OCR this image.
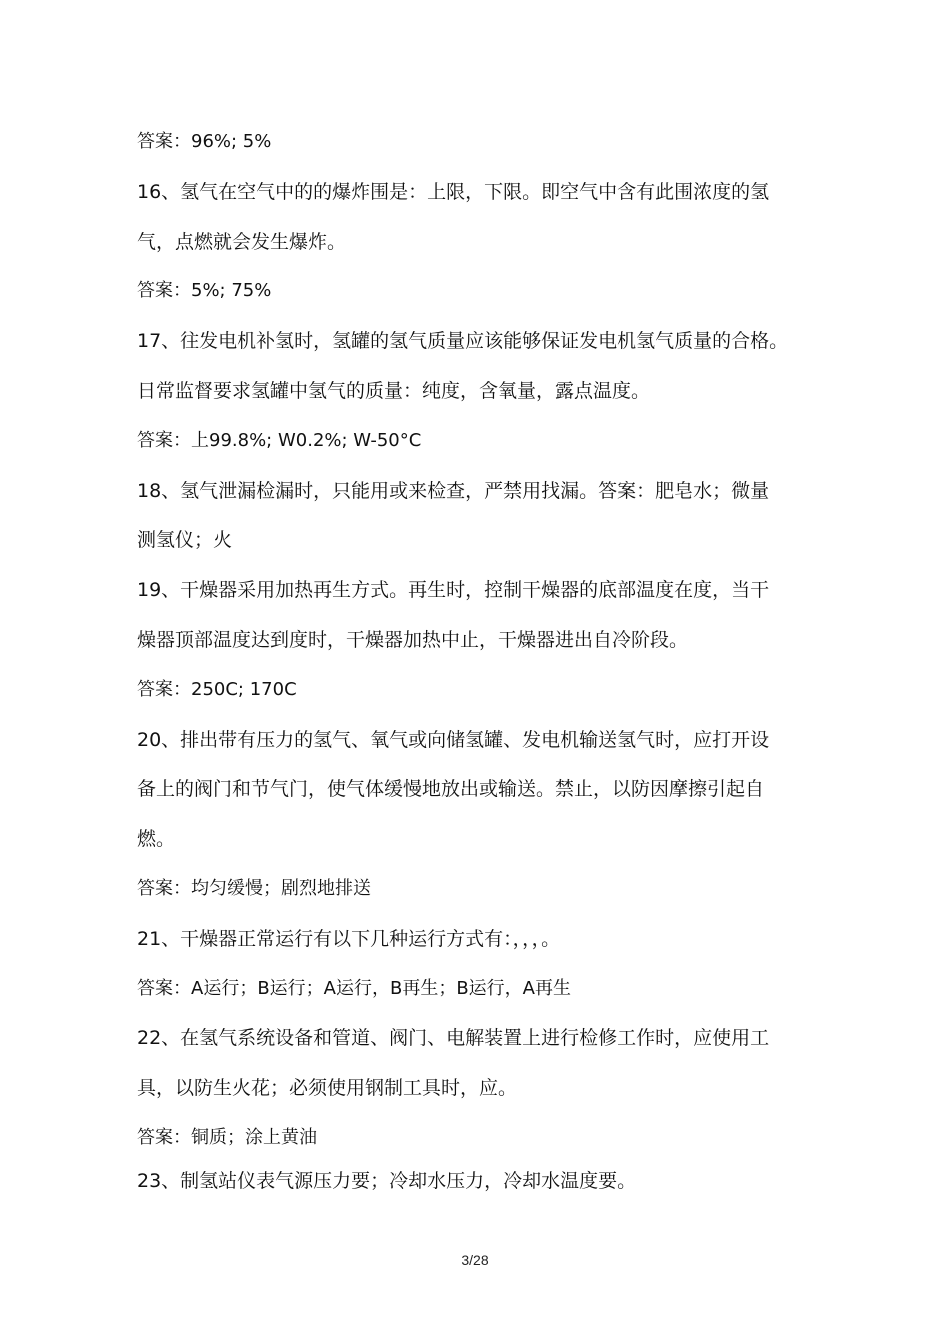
答案：96%; 5%
16、氢气在空气中的的爆炸围是：上限，下限。即空气中含有此围浓度的氢
气，点燃就会发生爆炸。
答案：5%; 75%
17、往发电机补氢时，氢罐的氢气质量应该能够保证发电机氢气质量的合格。
日常监督要求氢罐中氢气的质量：纯度，含氧量，露点温度。
答案：上99.8%; W0.2%; W-50°C
18、氢气泄漏检漏时，只能用或来检查，严禁用找漏。答案：肥皂水；微量
测氢仪；火
19、干燥器采用加热再生方式。再生时，控制干燥器的底部温度在度，当干
燥器顶部温度达到度时，干燥器加热中止，干燥器进出自冷阶段。
答案：250C; 170C
20、排出带有压力的氢气、氧气或向储氢罐、发电机输送氢气时，应打开设
备上的阀门和节气门，使气体缓慢地放出或输送。禁止，以防因摩擦引起自
燃。
答案：均匀缓慢；剧烈地排送
21、干燥器正常运行有以下几种运行方式有：，，，。
答案：A运行；B运行；A运行，B再生；B运行，A再生
22、在氢气系统设备和管道、阀门、电解装置上进行检修工作时，应使用工
具，以防生火花；必须使用钢制工具时，应。
答案：铜质；涂上黄油
23、制氢站仪表气源压力要；冷却水压力，冷却水温度要。
3/28
